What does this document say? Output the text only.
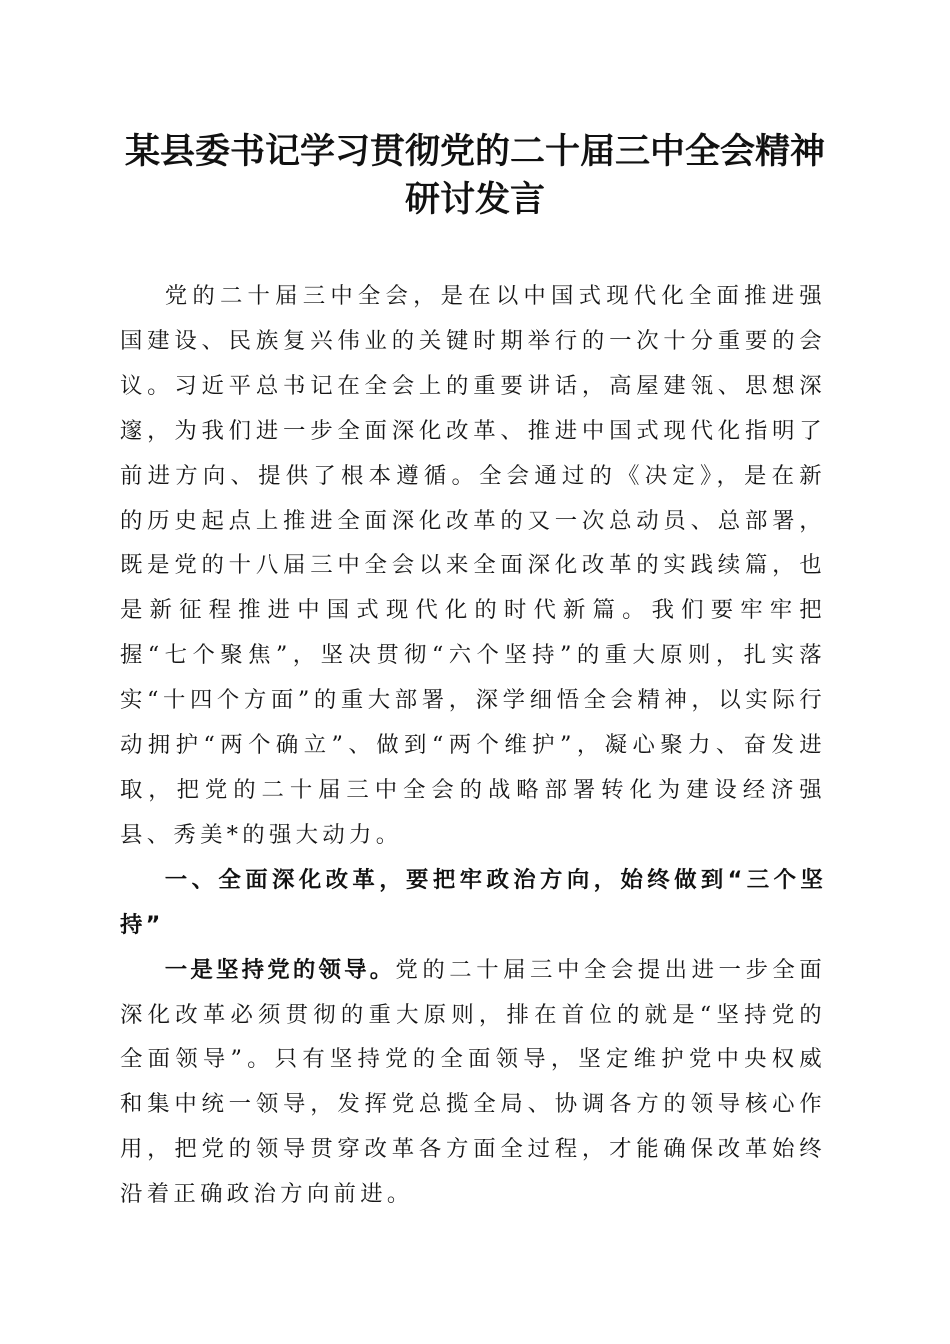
某县委书记学习贯彻党的二十届三中全会精神
研讨发言

党的二十届三中全会，是在以中国式现代化全面推进强国建设、民族复兴伟业的关键时期举行的一次十分重要的会议。习近平总书记在全会上的重要讲话，高屋建瓴、思想深邃，为我们进一步全面深化改革、推进中国式现代化指明了前进方向、提供了根本遵循。全会通过的《决定》，是在新的历史起点上推进全面深化改革的又一次总动员、总部署，既是党的十八届三中全会以来全面深化改革的实践续篇，也是新征程推进中国式现代化的时代新篇。我们要牢牢把握“七个聚焦”，坚决贯彻“六个坚持”的重大原则，扎实落实“十四个方面”的重大部署，深学细悟全会精神，以实际行动拥护“两个确立”、做到“两个维护”，凝心聚力、奋发进取，把党的二十届三中全会的战略部署转化为建设经济强县、秀美*的强大动力。

一、全面深化改革，要把牢政治方向，始终做到“三个坚持”

一是坚持党的领导。党的二十届三中全会提出进一步全面深化改革必须贯彻的重大原则，排在首位的就是“坚持党的全面领导”。只有坚持党的全面领导，坚定维护党中央权威和集中统一领导，发挥党总揽全局、协调各方的领导核心作用，把党的领导贯穿改革各方面全过程，才能确保改革始终沿着正确政治方向前进。
